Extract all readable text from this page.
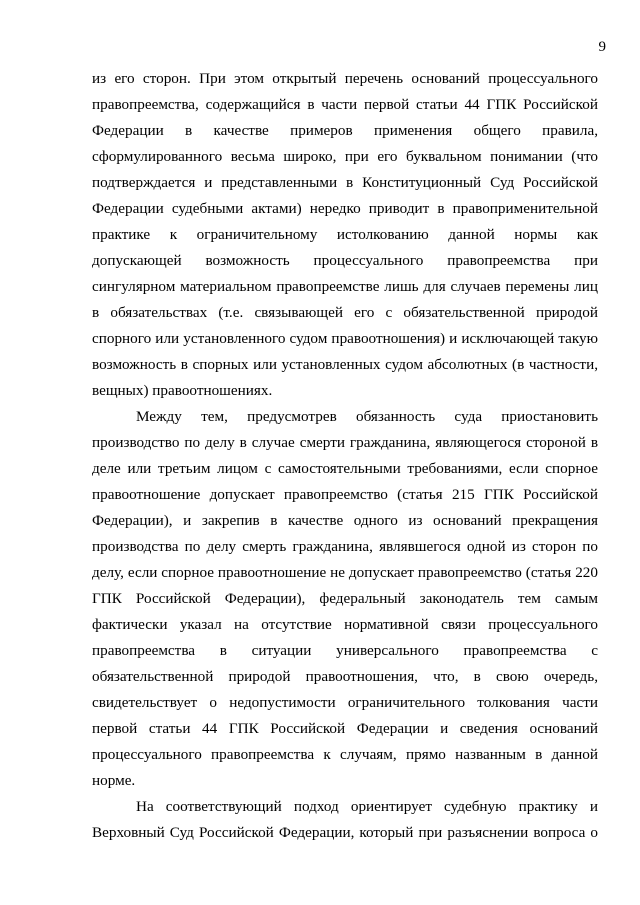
9
из его сторон. При этом открытый перечень оснований процессуального
правопреемства, содержащийся в части первой статьи 44 ГПК Российской
Федерации в качестве примеров применения общего правила,
сформулированного весьма широко, при его буквальном понимании (что
подтверждается и представленными в Конституционный Суд Российской
Федерации судебными актами) нередко приводит в правоприменительной
практике к ограничительному истолкованию данной нормы как
допускающей возможность процессуального правопреемства при
сингулярном материальном правопреемстве лишь для случаев перемены лиц
в обязательствах (т.е. связывающей его с обязательственной природой
спорного или установленного судом правоотношения) и исключающей такую
возможность в спорных или установленных судом абсолютных (в частности,
вещных) правоотношениях.
Между тем, предусмотрев обязанность суда приостановить
производство по делу в случае смерти гражданина, являющегося стороной в
деле или третьим лицом с самостоятельными требованиями, если спорное
правоотношение допускает правопреемство (статья 215 ГПК Российской
Федерации), и закрепив в качестве одного из оснований прекращения
производства по делу смерть гражданина, являвшегося одной из сторон по
делу, если спорное правоотношение не допускает правопреемство (статья 220
ГПК Российской Федерации), федеральный законодатель тем самым
фактически указал на отсутствие нормативной связи процессуального
правопреемства в ситуации универсального правопреемства с
обязательственной природой правоотношения, что, в свою очередь,
свидетельствует о недопустимости ограничительного толкования части
первой статьи 44 ГПК Российской Федерации и сведения оснований
процессуального правопреемства к случаям, прямо названным в данной
норме.
На соответствующий подход ориентирует судебную практику и
Верховный Суд Российской Федерации, который при разъяснении вопроса о
